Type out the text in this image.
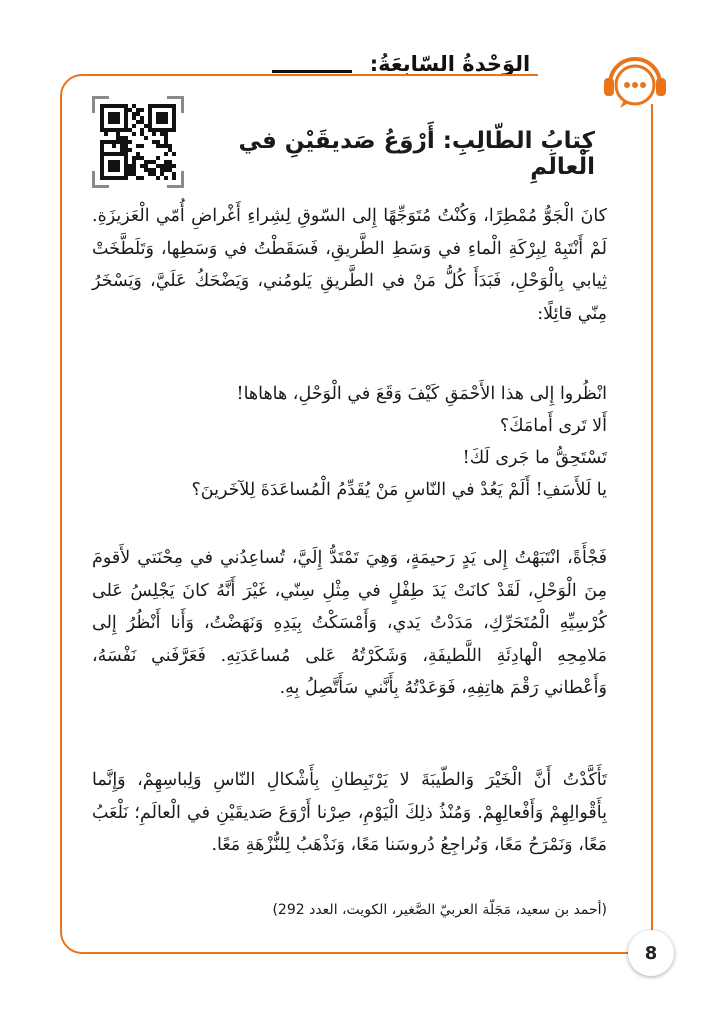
الوَحْدةُ السّابعَةُ:
كِتابُ الطّالِبِ: أَرْوَعُ صَديقَيْنِ في الْعالَمِ

كانَ الْجَوُّ مُمْطِرًا، وَكُنْتُ مُتَوَجِّهًا إِلى السّوقِ لِشِراءِ أَغْراضِ أُمّي الْعَزيزَةِ. لَمْ أَنْتَبِهْ لِبِرْكَةِ الْماءِ في وَسَطِ الطَّريقِ، فَسَقَطْتُ في وَسَطِها، وَتَلَطَّخَتْ ثِيابي بِالْوَحْلِ، فَبَدَأَ كُلُّ مَنْ في الطَّريقِ يَلومُني، وَيَضْحَكُ عَلَيَّ، وَيَسْخَرُ مِنّي قائِلًا:

انْظُروا إِلى هذا الأَحْمَقِ كَيْفَ وَقَعَ في الْوَحْلِ، هاهاها!
أَلا تَرى أَمامَكَ؟
تَسْتَحِقُّ ما جَرى لَكَ!
يا لَلأَسَفِ! أَلَمْ يَعُدْ في النّاسِ مَنْ يُقَدِّمُ الْمُساعَدَةَ لِلآخَرينَ؟

فَجْأَةً، انْتَبَهْتُ إِلى يَدٍ رَحيمَةٍ، وَهِيَ تَمْتَدُّ إِلَيَّ، تُساعِدُني في مِحْنَتي لأَقومَ مِنَ الْوَحْلِ، لَقَدْ كانَتْ يَدَ طِفْلٍ في مِثْلِ سِنّي، غَيْرَ أَنَّهُ كانَ يَجْلِسُ عَلى كُرْسِيِّهِ الْمُتَحَرِّكِ، مَدَدْتُ يَدي، وَأَمْسَكْتُ بِيَدِهِ وَنَهَضْتُ، وَأَنا أَنْظُرُ إِلى مَلامِحِهِ الْهادِئَةِ اللَّطيفَةِ، وَشَكَرْتُهُ عَلى مُساعَدَتِهِ. فَعَرَّفَني نَفْسَهُ، وَأَعْطاني رَقْمَ هاتِفِهِ، فَوَعَدْتُهُ بِأَنَّني سَأَتَّصِلُ بِهِ.

تَأَكَّدْتُ أَنَّ الْخَيْرَ وَالطّيبَةَ لا يَرْتَبِطانِ بِأَشْكالِ النّاسِ وَلِباسِهِمْ، وَإِنَّما بِأَقْوالِهِمْ وَأَفْعالِهِمْ. وَمُنْذُ ذلِكَ الْيَوْمِ، صِرْنا أَرْوَعَ صَديقَيْنِ في الْعالَمِ؛ نَلْعَبُ مَعًا، وَنَمْرَحُ مَعًا، وَنُراجِعُ دُروسَنا مَعًا، وَنَذْهَبُ لِلنُّزْهَةِ مَعًا.

(أحمد بن سعيد، مَجَلّة العربيّ الصَّغير، الكويت، العدد 292)
8
